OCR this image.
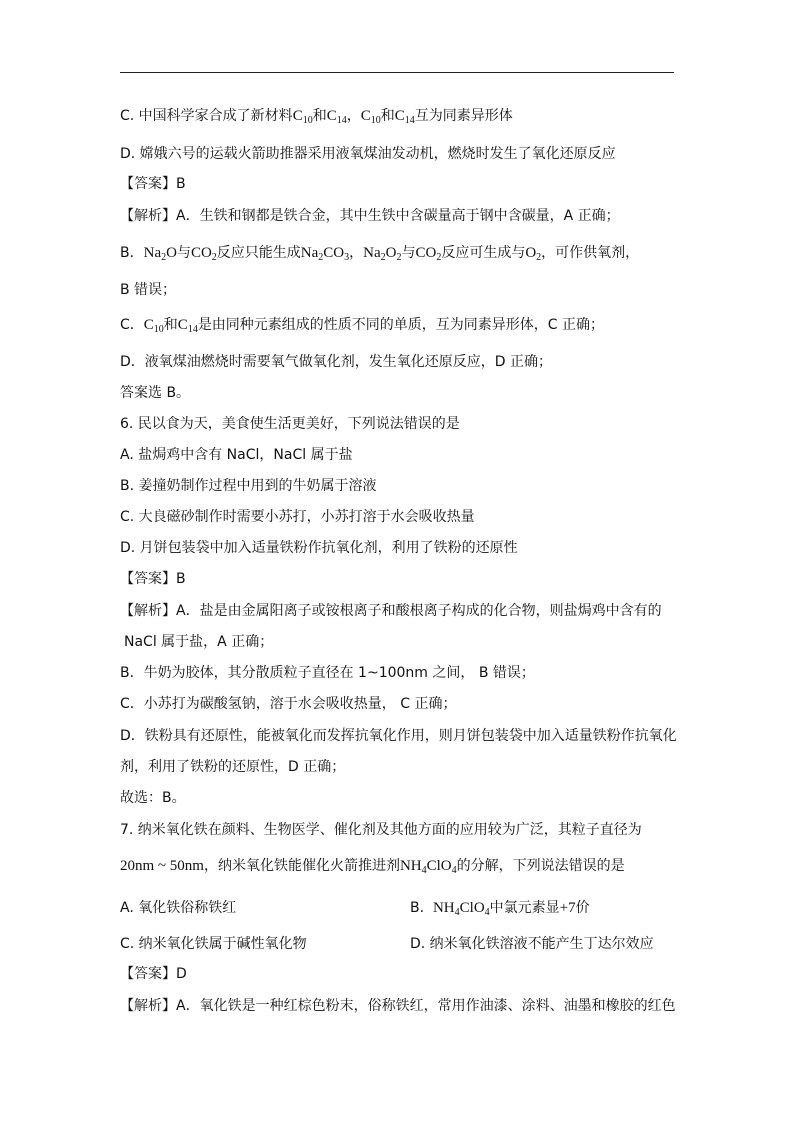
C. 中国科学家合成了新材料$C_{10}$和$C_{14}$，$C_{10}$和$C_{14}$互为同素异形体
D. 嫦娥六号的运载火箭助推器采用液氧煤油发动机，燃烧时发生了氧化还原反应
【答案】B
【解析】A．生铁和钢都是铁合金，其中生铁中含碳量高于钢中含碳量，A 正确；
B．$Na_2O$与$CO_2$反应只能生成$Na_2CO_3$，$Na_2O_2$与$CO_2$反应可生成与$O_2$，可作供氧剂，
B 错误；
C．$C_{10}$和$C_{14}$是由同种元素组成的性质不同的单质，互为同素异形体，C 正确；
D．液氧煤油燃烧时需要氧气做氧化剂，发生氧化还原反应，D 正确；
答案选 B。
6. 民以食为天，美食使生活更美好，下列说法错误的是
A. 盐焗鸡中含有 NaCl，NaCl 属于盐
B. 姜撞奶制作过程中用到的牛奶属于溶液
C. 大良磁砂制作时需要小苏打，小苏打溶于水会吸收热量
D. 月饼包装袋中加入适量铁粉作抗氧化剂，利用了铁粉的还原性
【答案】B
【解析】A．盐是由金属阳离子或铵根离子和酸根离子构成的化合物，则盐焗鸡中含有的
NaCl 属于盐，A 正确；
B．牛奶为胶体，其分散质粒子直径在 1~100nm 之间， B 错误；
C．小苏打为碳酸氢钠，溶于水会吸收热量， C 正确；
D．铁粉具有还原性，能被氧化而发挥抗氧化作用，则月饼包装袋中加入适量铁粉作抗氧化
剂，利用了铁粉的还原性，D 正确；
故选：B。
7. 纳米氧化铁在颜料、生物医学、催化剂及其他方面的应用较为广泛，其粒子直径为
20nm ~ 50nm，纳米氧化铁能催化火箭推进剂$NH_4ClO_4$的分解，下列说法错误的是
A. 氧化铁俗称铁红	B. $NH_4ClO_4$中氯元素显+7价
C. 纳米氧化铁属于碱性氧化物	D. 纳米氧化铁溶液不能产生丁达尔效应
【答案】D
【解析】A．氧化铁是一种红棕色粉末，俗称铁红，常用作油漆、涂料、油墨和橡胶的红色
